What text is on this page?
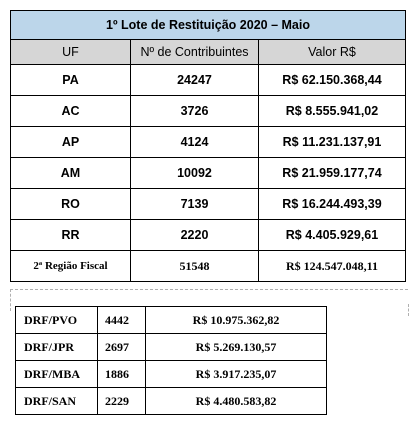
1º Lote de Restituição 2020 – Maio		
UF	Nº de Contribuintes	Valor R$
PA	24247	R$ 62.150.368,44
AC	3726	R$ 8.555.941,02
AP	4124	R$ 11.231.137,91
AM	10092	R$ 21.959.177,74
RO	7139	R$ 16.244.493,39
RR	2220	R$ 4.405.929,61
2ª Região Fiscal	51548	R$ 124.547.048,11
DRF/PVO	4442	R$ 10.975.362,82
DRF/JPR	2697	R$ 5.269.130,57
DRF/MBA	1886	R$ 3.917.235,07
DRF/SAN	2229	R$ 4.480.583,82
